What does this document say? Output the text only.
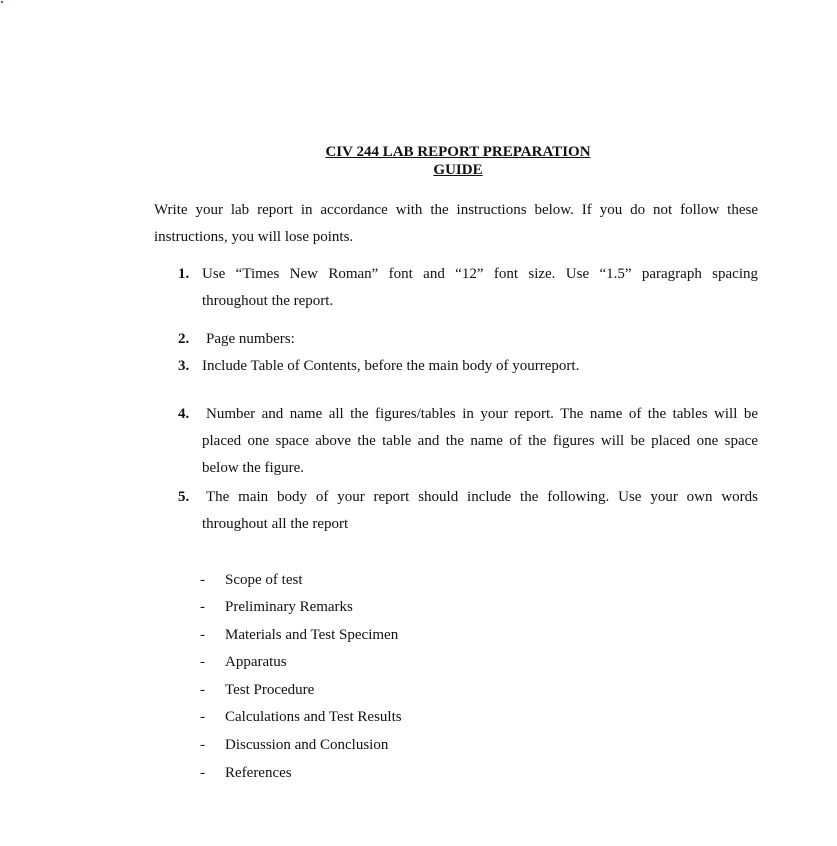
CIV 244 LAB REPORT PREPARATION
GUIDE
Write your lab report in accordance with the instructions below. If you do not follow these
instructions, you will lose points.
1. Use “Times New Roman” font and “12” font size. Use “1.5” paragraph spacing
throughout the report.
2. Page numbers:
3. Include Table of Contents, before the main body of yourreport.
4. Number and name all the figures/tables in your report. The name of the tables will be
placed one space above the table and the name of the figures will be placed one space
below the figure.
5. The main body of your report should include the following. Use your own words
throughout all the report
- Scope of test
- Preliminary Remarks
- Materials and Test Specimen
- Apparatus
- Test Procedure
- Calculations and Test Results
- Discussion and Conclusion
- References
